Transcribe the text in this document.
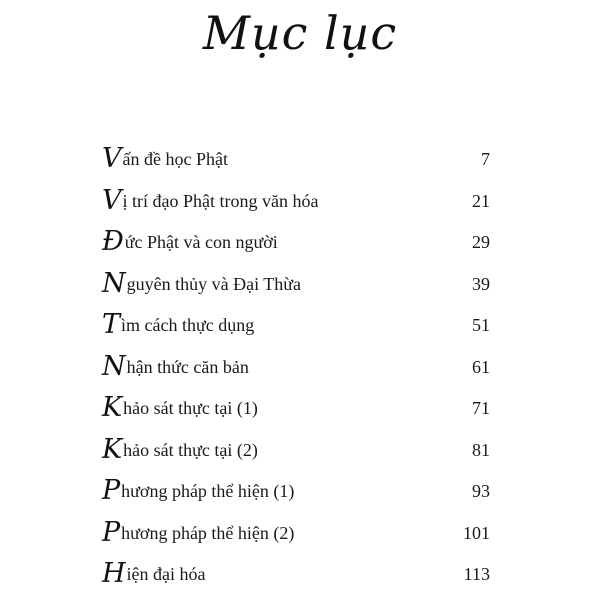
Mục lục
Vấn đề học Phật	7
Vị trí đạo Phật trong văn hóa	21
Đức Phật và con người	29
Nguyên thủy và Đại Thừa	39
Tìm cách thực dụng	51
Nhận thức căn bản	61
Khảo sát thực tại (1)	71
Khảo sát thực tại (2)	81
Phương pháp thể hiện (1)	93
Phương pháp thể hiện (2)	101
Hiện đại hóa	113
